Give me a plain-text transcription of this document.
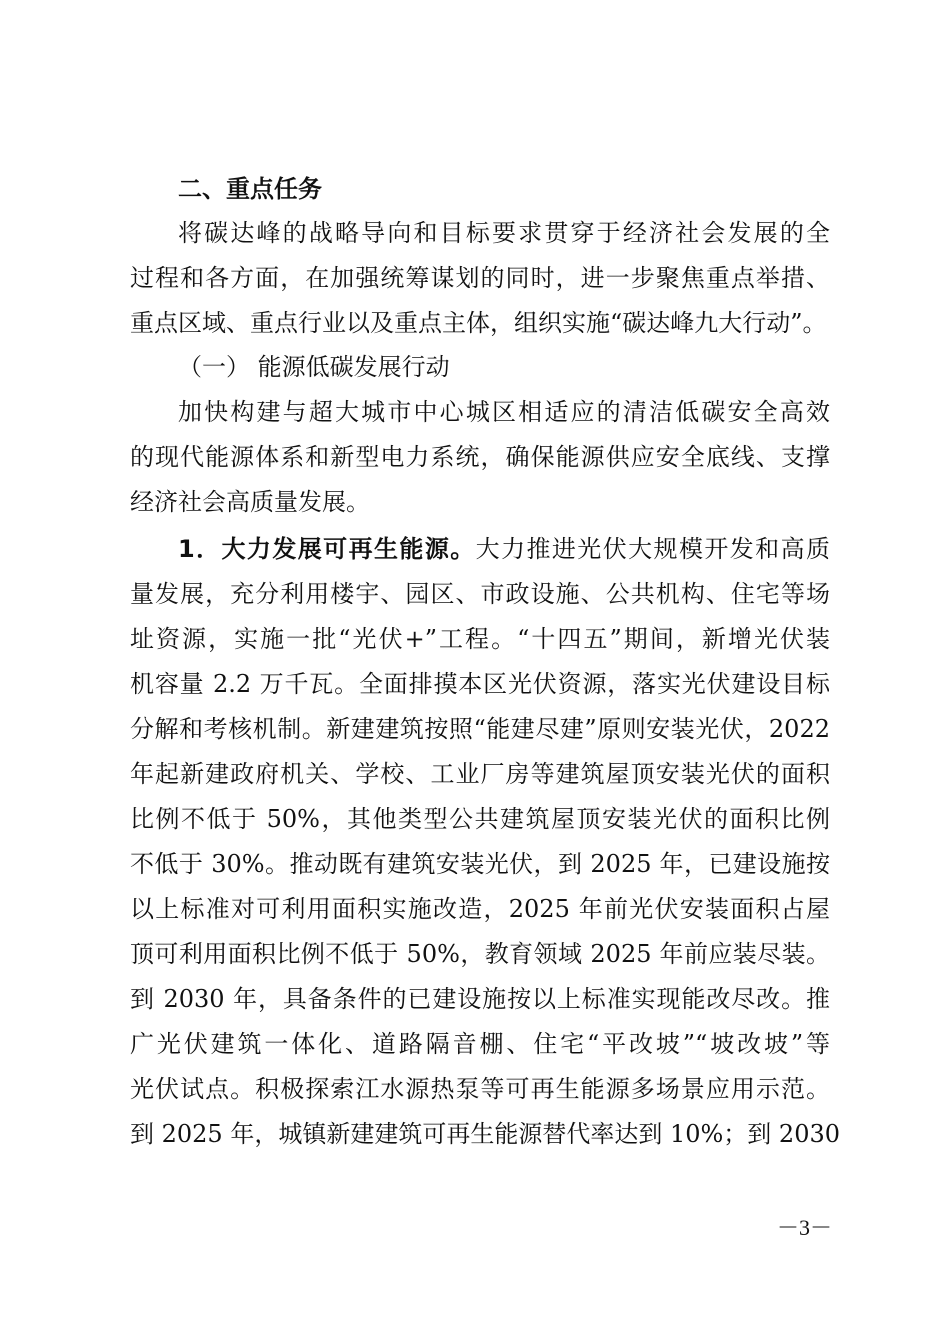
二、重点任务
将碳达峰的战略导向和目标要求贯穿于经济社会发展的全
过程和各方面，在加强统筹谋划的同时，进一步聚焦重点举措、
重点区域、重点行业以及重点主体，组织实施“碳达峰九大行动”。
（一） 能源低碳发展行动
加快构建与超大城市中心城区相适应的清洁低碳安全高效
的现代能源体系和新型电力系统，确保能源供应安全底线、支撑
经济社会高质量发展。
1．大力发展可再生能源。大力推进光伏大规模开发和高质
量发展，充分利用楼宇、园区、市政设施、公共机构、住宅等场
址资源，实施一批“光伏+”工程。“十四五”期间，新增光伏装
机容量 2.2 万千瓦。全面排摸本区光伏资源，落实光伏建设目标
分解和考核机制。新建建筑按照“能建尽建”原则安装光伏，2022
年起新建政府机关、学校、工业厂房等建筑屋顶安装光伏的面积
比例不低于 50%，其他类型公共建筑屋顶安装光伏的面积比例
不低于 30%。推动既有建筑安装光伏，到 2025 年，已建设施按
以上标准对可利用面积实施改造，2025 年前光伏安装面积占屋
顶可利用面积比例不低于 50%，教育领域 2025 年前应装尽装。
到 2030 年，具备条件的已建设施按以上标准实现能改尽改。推
广光伏建筑一体化、道路隔音棚、住宅“平改坡”“坡改坡”等
光伏试点。积极探索江水源热泵等可再生能源多场景应用示范。
到 2025 年，城镇新建建筑可再生能源替代率达到 10%；到 2030
－3－
